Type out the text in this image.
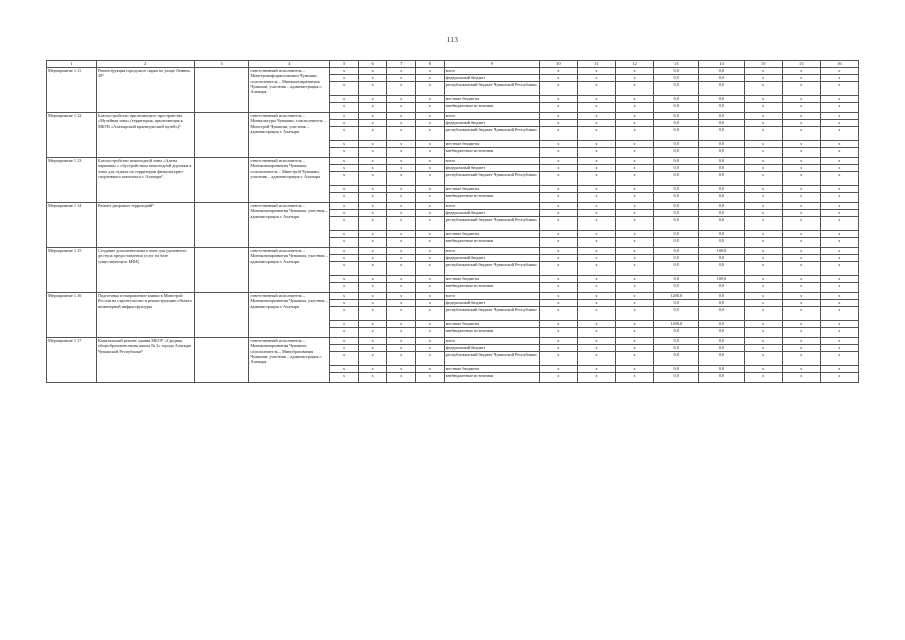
113
1	2	3	4	5	6	7	8	9	10	11	12	13	14	15	15	16
Мероприятие 1.11	Реконструкция городского парка по улице Ленина, 29⁵		ответственный исполнитель – Минстроинформполитики Чувашии, соисполнитель – Минэкономразвития Чувашии, участник – администрация г. Алатыря	x	x	x	x	всего	x	x	x	0,0	0,0	x	x	x
				x	x	x	x	федеральный бюджет	x	x	x	0,0	0,0	x	x	x
				x	x	x	x	республиканский бюджет Чувашской Республики	x	x	x	0,0	0,0	x	x	x
				x	x	x	x	местные бюджеты	x	x	x	0,0	0,0	x	x	x
				x	x	x	x	внебюджетные источники	x	x	x	0,0	0,0	x	x	x
Мероприятие 1.12	Благоустройство прилегающего пространства «Музейная зона» (территория, прилегающая к МБУК «Алатырский краеведческий музей»)⁵		ответственный исполнитель – Минкультуры Чувашии, соисполнитель – Минстрой Чувашии, участник – администрация г. Алатыря	x	x	x	x	всего	x	x	x	0,0	0,0	x	x	x
				x	x	x	x	федеральный бюджет	x	x	x	0,0	0,0	x	x	x
				x	x	x	x	республиканский бюджет Чувашской Республики	x	x	x	0,0	0,0	x	x	x
				x	x	x	x	местные бюджеты	x	x	x	0,0	0,0	x	x	x
				x	x	x	x	внебюджетные источники	x	x	x	0,0	0,0	x	x	x
Мероприятие 1.13	Благоустройство пешеходной зоны «Алаты парковая» с обустройством пешеходной дорожки и зоны для отдыха по территории физкультурно-спортивного комплекса г. Алатыря⁵		ответственный исполнитель – Минэкономразвития Чувашии, соисполнитель – Минстрой Чувашии, участник – администрация г. Алатыря	x	x	x	x	всего	x	x	x	0,0	0,0	x	x	x
				x	x	x	x	федеральный бюджет	x	x	x	0,0	0,0	x	x	x
				x	x	x	x	республиканский бюджет Чувашской Республики	x	x	x	0,0	0,0	x	x	x
				x	x	x	x	местные бюджеты	x	x	x	0,0	0,0	x	x	x
				x	x	x	x	внебюджетные источники	x	x	x	0,0	0,0	x	x	x
Мероприятие 1.14	Ремонт дворовых территорий⁵		ответственный исполнитель – Минэкономразвития Чувашии, участник – администрация г. Алатыря	x	x	x	x	всего	x	x	x	0,0	0,0	x	x	x
				x	x	x	x	федеральный бюджет	x	x	x	0,0	0,0	x	x	x
				x	x	x	x	республиканский бюджет Чувашской Республики	x	x	x	0,0	0,0	x	x	x
				x	x	x	x	местные бюджеты	x	x	x	0,0	0,0	x	x	x
				x	x	x	x	внебюджетные источники	x	x	x	0,0	0,0	x	x	x
Мероприятие 1.15	Создание дополнительного окна для удаленного доступа предоставления услуг на базе существующего МФЦ		ответственный исполнитель – Минэкономразвития Чувашии, участник – администрация г. Алатыря	x	x	x	x	всего	x	x	x	0,0	100,0	x	x	x
				x	x	x	x	федеральный бюджет	x	x	x	0,0	0,0	x	x	x
				x	x	x	x	республиканский бюджет Чувашской Республики	x	x	x	0,0	0,0	x	x	x
				x	x	x	x	местные бюджеты	x	x	x	0,0	100,0	x	x	x
				x	x	x	x	внебюджетные источники	x	x	x	0,0	0,0	x	x	x
Мероприятие 1.16	Подготовка и направление заявки в Минстрой России на строительство и реконструкцию объекта инженерной инфраструктуры		ответственный исполнитель – Минэкономразвития Чувашии, участник – администрация г. Алатыря	x	x	x	x	всего	x	x	x	1200,0	0,0	x	x	x
				x	x	x	x	федеральный бюджет	x	x	x	0,0	0,0	x	x	x
				x	x	x	x	республиканский бюджет Чувашской Республики	x	x	x	0,0	0,0	x	x	x
				x	x	x	x	местные бюджеты	x	x	x	1200,0	0,0	x	x	x
				x	x	x	x	внебюджетные источники	x	x	x	0,0	0,0	x	x	x
Мероприятие 1.17	Капитальный ремонт здания МБОУ «Средняя общеобразовательная школа № 2» города Алатыря Чувашской Республики⁵		ответственный исполнитель – Минэкономразвития Чувашии, соисполнитель – Минобразования Чувашии, участник – администрация г. Алатыря	x	x	x	x	всего	x	x	x	0,0	0,0	x	x	x
				x	x	x	x	федеральный бюджет	x	x	x	0,0	0,0	x	x	x
				x	x	x	x	республиканский бюджет Чувашской Республики	x	x	x	0,0	0,0	x	x	x
				x	x	x	x	местные бюджеты	x	x	x	0,0	0,0	x	x	x
				x	x	x	x	внебюджетные источники	x	x	x	0,0	0,0	x	x	x
